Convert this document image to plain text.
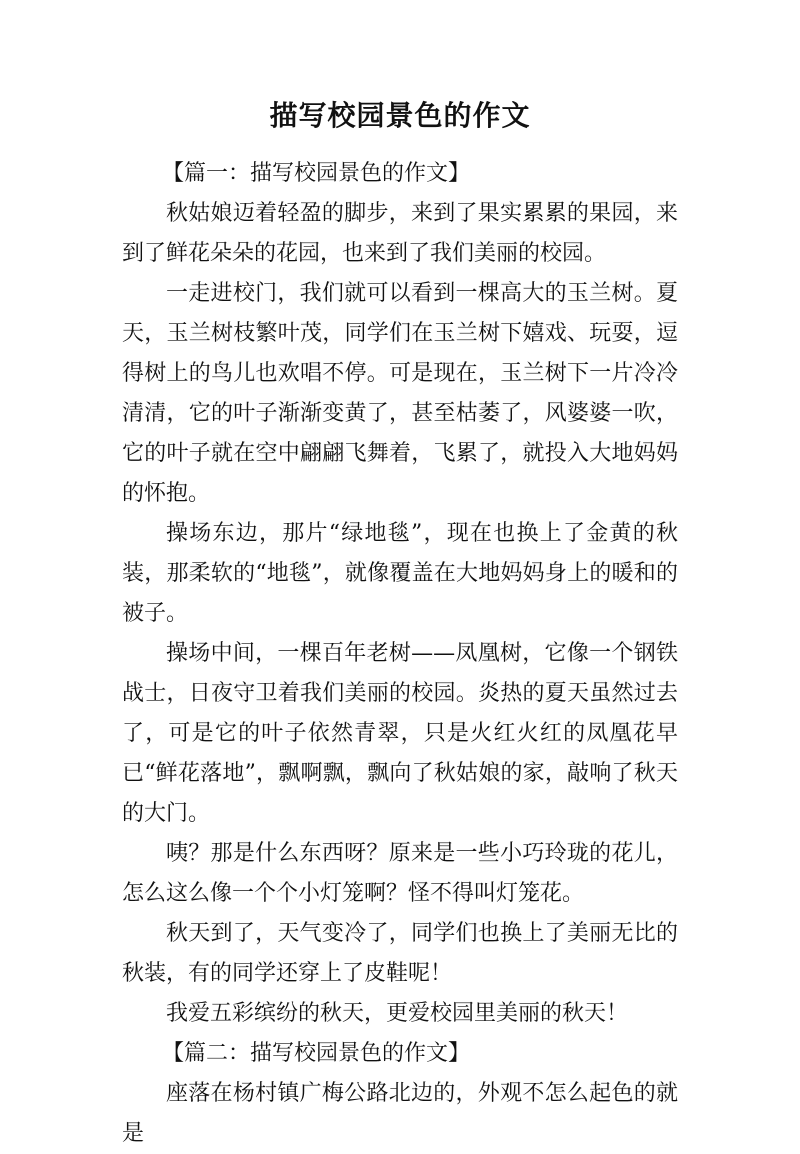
描写校园景色的作文

【篇一：描写校园景色的作文】

秋姑娘迈着轻盈的脚步，来到了果实累累的果园，来到了鲜花朵朵的花园，也来到了我们美丽的校园。

一走进校门，我们就可以看到一棵高大的玉兰树。夏天，玉兰树枝繁叶茂，同学们在玉兰树下嬉戏、玩耍，逗得树上的鸟儿也欢唱不停。可是现在，玉兰树下一片冷冷清清，它的叶子渐渐变黄了，甚至枯萎了，风婆婆一吹，它的叶子就在空中翩翩飞舞着，飞累了，就投入大地妈妈的怀抱。

操场东边，那片“绿地毯”，现在也换上了金黄的秋装，那柔软的“地毯”，就像覆盖在大地妈妈身上的暖和的被子。

操场中间，一棵百年老树——凤凰树，它像一个钢铁战士，日夜守卫着我们美丽的校园。炎热的夏天虽然过去了，可是它的叶子依然青翠，只是火红火红的凤凰花早已“鲜花落地”，飘啊飘，飘向了秋姑娘的家，敲响了秋天的大门。

咦？那是什么东西呀？原来是一些小巧玲珑的花儿，怎么这么像一个个小灯笼啊？怪不得叫灯笼花。

秋天到了，天气变冷了，同学们也换上了美丽无比的秋装，有的同学还穿上了皮鞋呢！

我爱五彩缤纷的秋天，更爱校园里美丽的秋天！

【篇二：描写校园景色的作文】

座落在杨村镇广梅公路北边的，外观不怎么起色的就是
